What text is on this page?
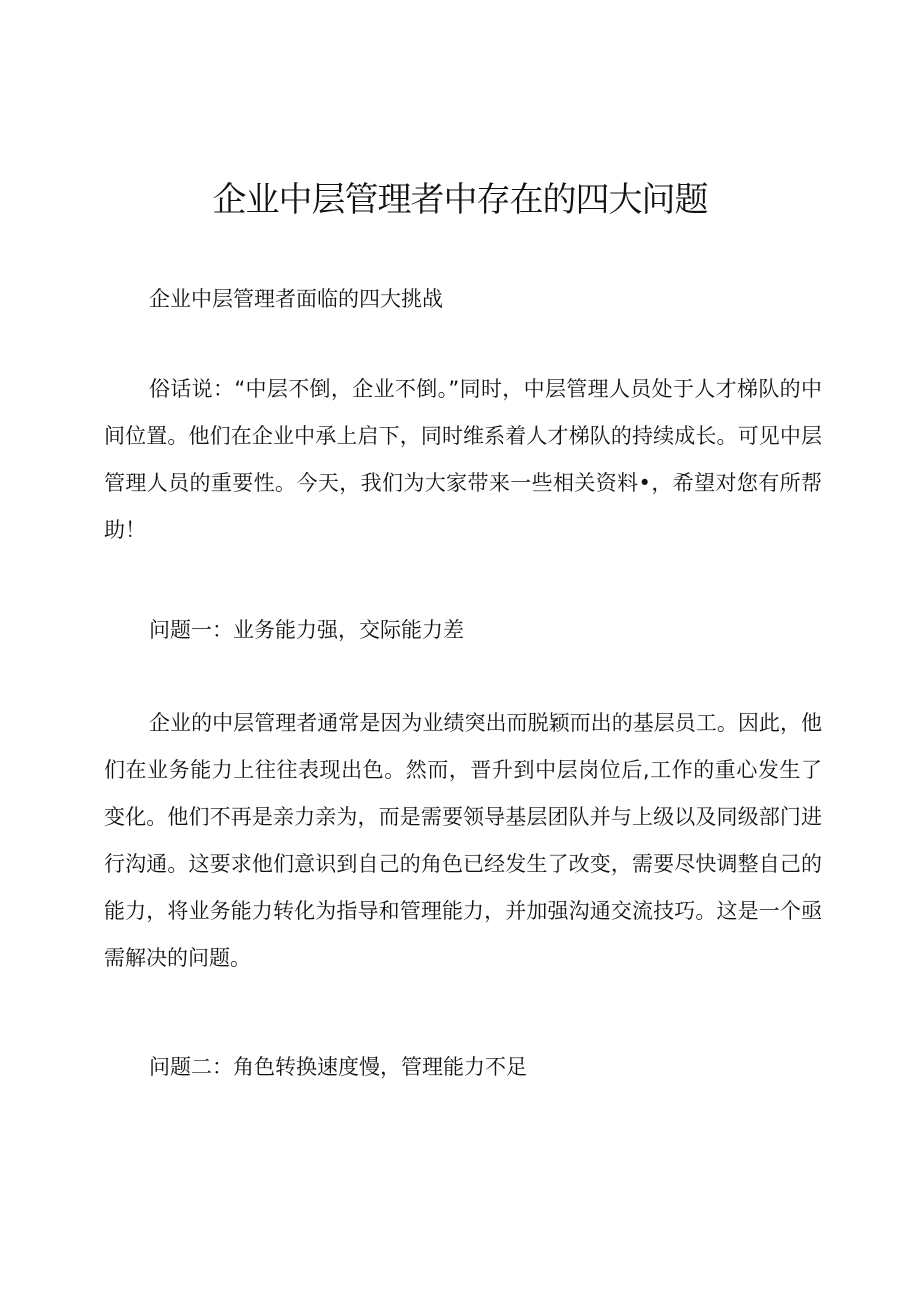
企业中层管理者中存在的四大问题

企业中层管理者面临的四大挑战

俗话说：“中层不倒，企业不倒。”同时，中层管理人员处于人才梯队的中间位置。他们在企业中承上启下，同时维系着人才梯队的持续成长。可见中层管理人员的重要性。今天，我们为大家带来一些相关资料•，希望对您有所帮助！

问题一：业务能力强，交际能力差

企业的中层管理者通常是因为业绩突出而脱颖而出的基层员工。因此，他们在业务能力上往往表现出色。然而，晋升到中层岗位后,工作的重心发生了变化。他们不再是亲力亲为，而是需要领导基层团队并与上级以及同级部门进行沟通。这要求他们意识到自己的角色已经发生了改变，需要尽快调整自己的能力，将业务能力转化为指导和管理能力，并加强沟通交流技巧。这是一个亟需解决的问题。

问题二：角色转换速度慢，管理能力不足
